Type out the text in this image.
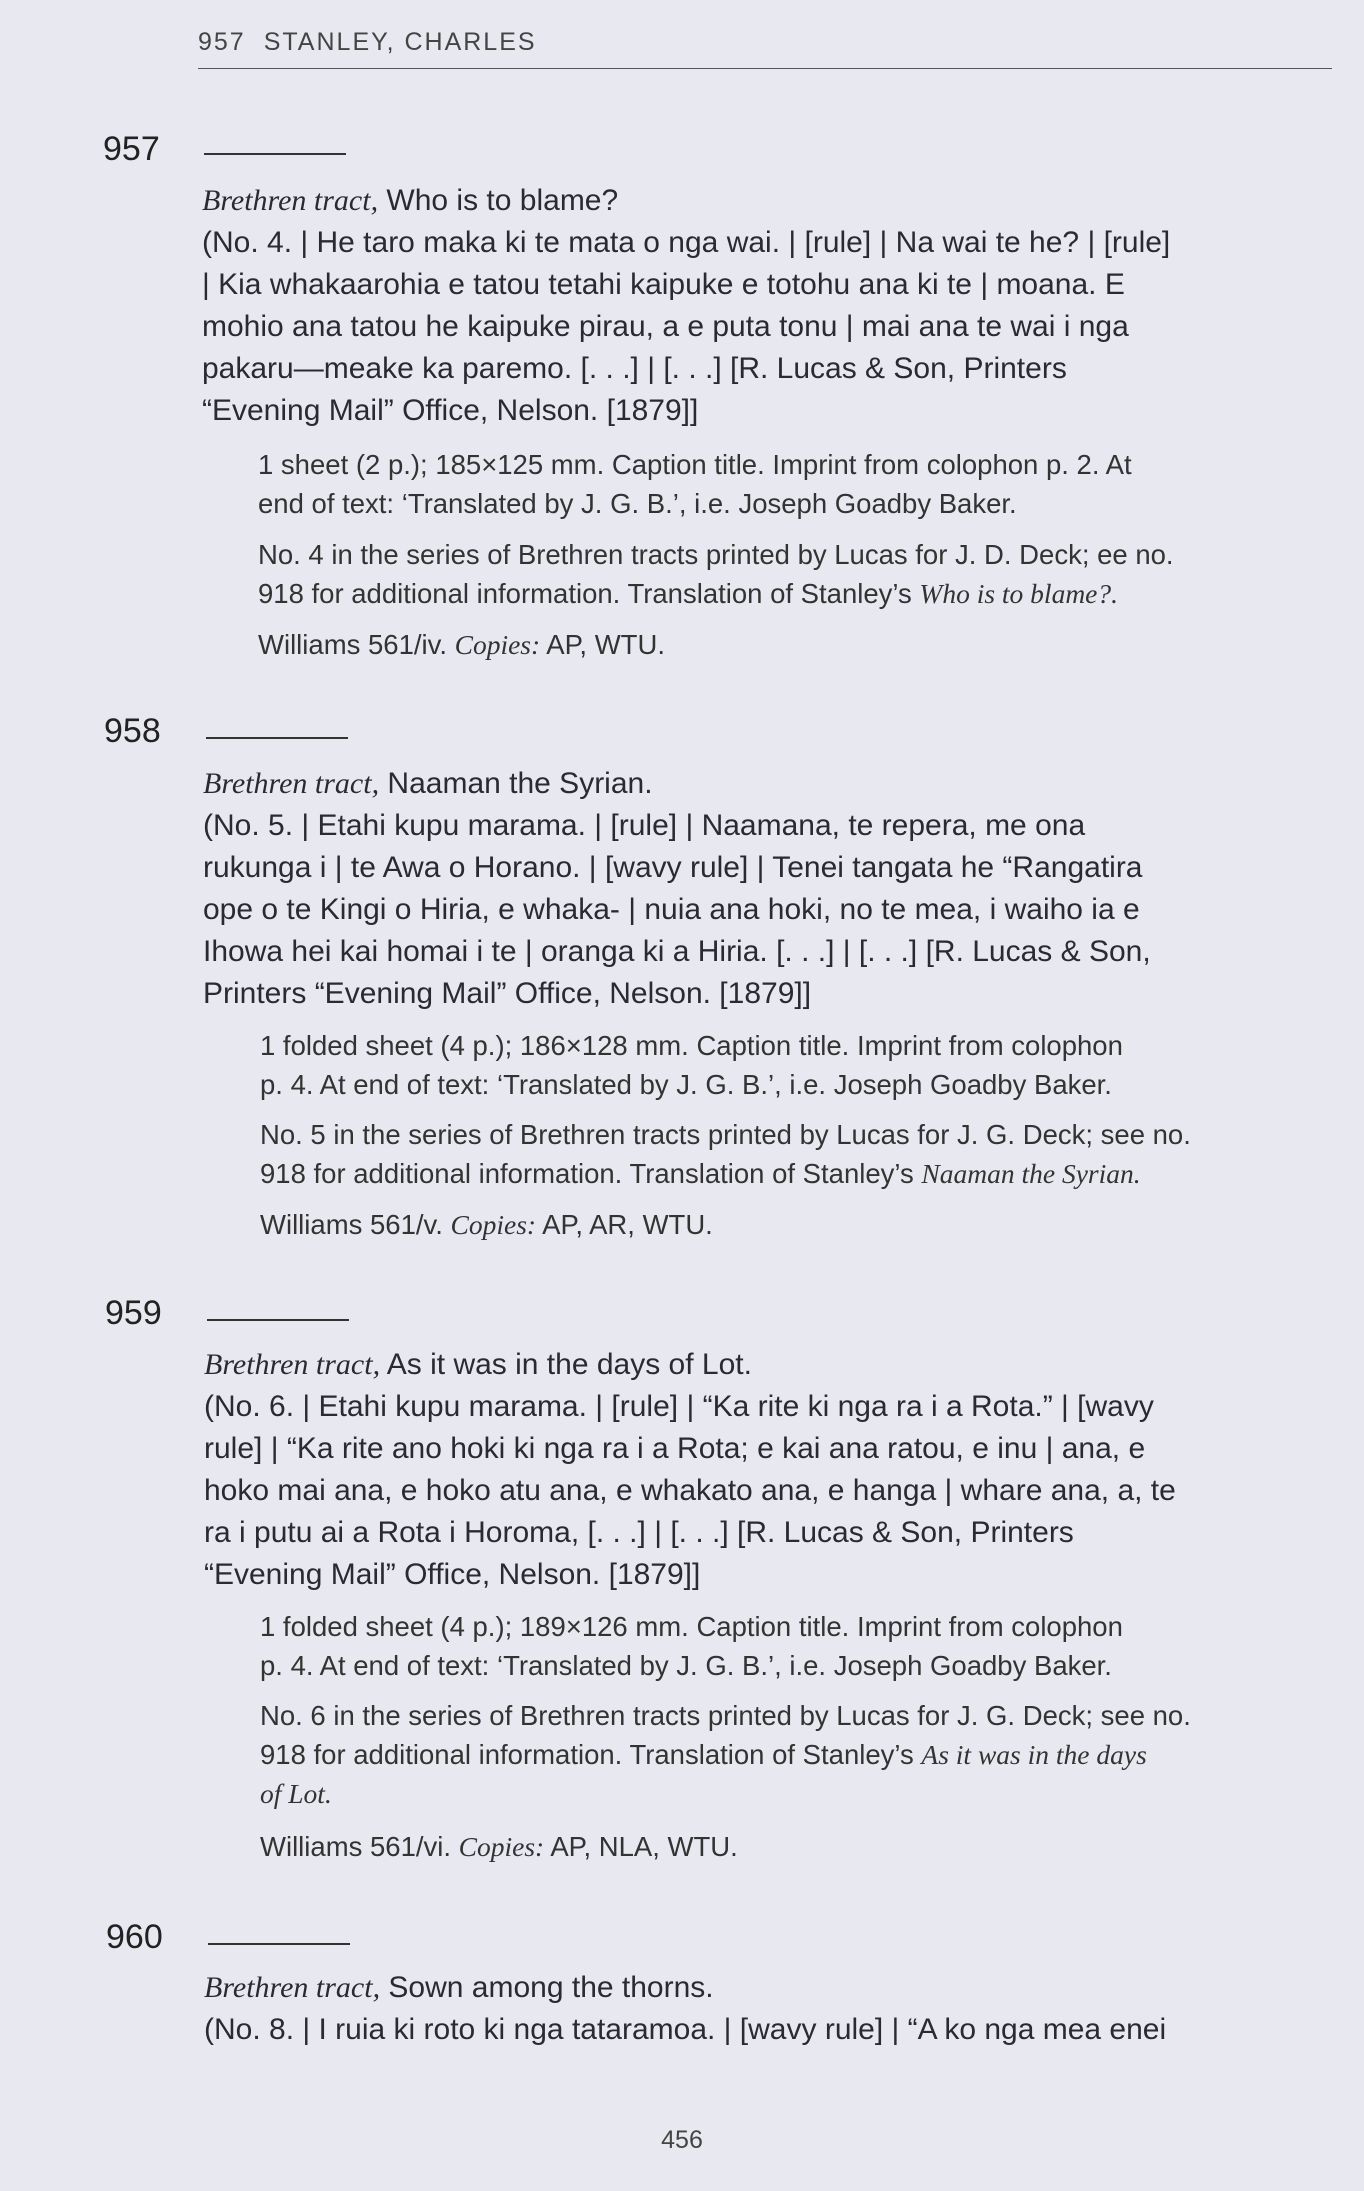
957 STANLEY, CHARLES
957
Brethren tract, Who is to blame?
(No. 4. | He taro maka ki te mata o nga wai. | [rule] | Na wai te he? | [rule]
| Kia whakaarohia e tatou tetahi kaipuke e totohu ana ki te | moana. E
mohio ana tatou he kaipuke pirau, a e puta tonu | mai ana te wai i nga
pakaru—meake ka paremo. [. . .] | [. . .] [R. Lucas & Son, Printers
“Evening Mail” Office, Nelson. [1879]]
1 sheet (2 p.); 185×125 mm. Caption title. Imprint from colophon p. 2. At
end of text: ‘Translated by J. G. B.’, i.e. Joseph Goadby Baker.
No. 4 in the series of Brethren tracts printed by Lucas for J. D. Deck; ee no.
918 for additional information. Translation of Stanley’s Who is to blame?.
Williams 561/iv. Copies: AP, WTU.
958
Brethren tract, Naaman the Syrian.
(No. 5. | Etahi kupu marama. | [rule] | Naamana, te repera, me ona
rukunga i | te Awa o Horano. | [wavy rule] | Tenei tangata he “Rangatira
ope o te Kingi o Hiria, e whaka- | nuia ana hoki, no te mea, i waiho ia e
Ihowa hei kai homai i te | oranga ki a Hiria. [. . .] | [. . .] [R. Lucas & Son,
Printers “Evening Mail” Office, Nelson. [1879]]
1 folded sheet (4 p.); 186×128 mm. Caption title. Imprint from colophon
p. 4. At end of text: ‘Translated by J. G. B.’, i.e. Joseph Goadby Baker.
No. 5 in the series of Brethren tracts printed by Lucas for J. G. Deck; see no.
918 for additional information. Translation of Stanley’s Naaman the Syrian.
Williams 561/v. Copies: AP, AR, WTU.
959
Brethren tract, As it was in the days of Lot.
(No. 6. | Etahi kupu marama. | [rule] | “Ka rite ki nga ra i a Rota.” | [wavy
rule] | “Ka rite ano hoki ki nga ra i a Rota; e kai ana ratou, e inu | ana, e
hoko mai ana, e hoko atu ana, e whakato ana, e hanga | whare ana, a, te
ra i putu ai a Rota i Horoma, [. . .] | [. . .] [R. Lucas & Son, Printers
“Evening Mail” Office, Nelson. [1879]]
1 folded sheet (4 p.); 189×126 mm. Caption title. Imprint from colophon
p. 4. At end of text: ‘Translated by J. G. B.’, i.e. Joseph Goadby Baker.
No. 6 in the series of Brethren tracts printed by Lucas for J. G. Deck; see no.
918 for additional information. Translation of Stanley’s As it was in the days
of Lot.
Williams 561/vi. Copies: AP, NLA, WTU.
960
Brethren tract, Sown among the thorns.
(No. 8. | I ruia ki roto ki nga tataramoa. | [wavy rule] | “A ko nga mea enei
456
